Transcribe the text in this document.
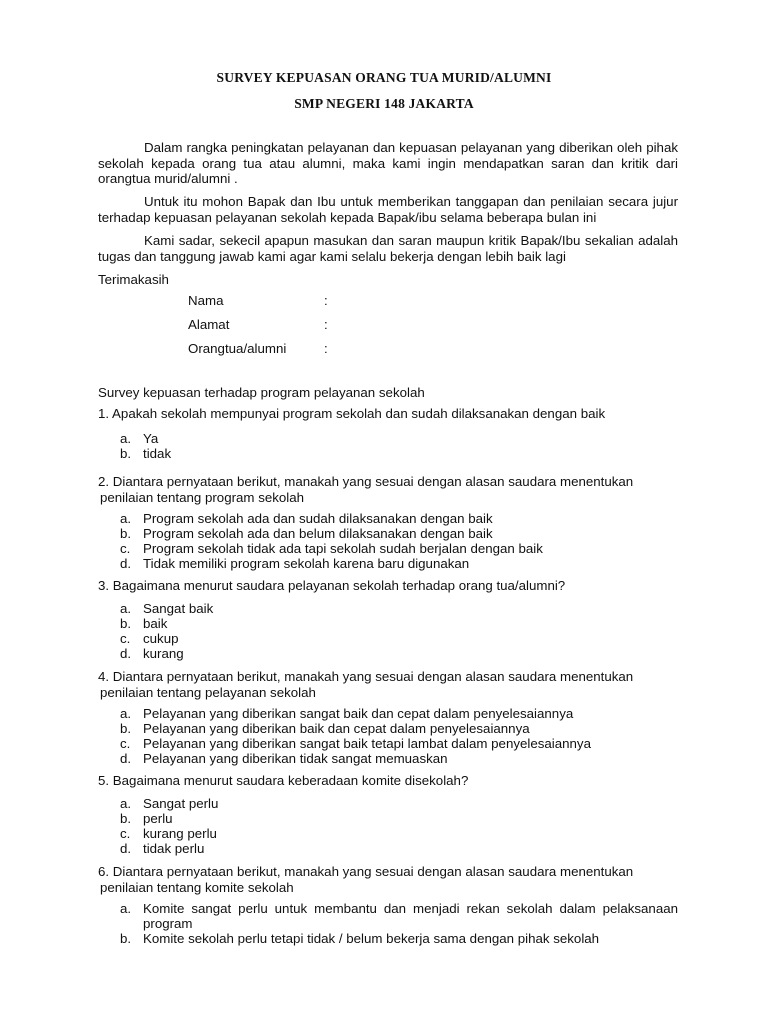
SURVEY KEPUASAN ORANG TUA MURID/ALUMNI

SMP NEGERI 148 JAKARTA

Dalam rangka peningkatan pelayanan dan kepuasan pelayanan yang diberikan oleh pihak sekolah kepada orang tua atau alumni, maka kami ingin mendapatkan saran dan kritik dari orangtua murid/alumni .

Untuk itu mohon Bapak dan Ibu untuk memberikan tanggapan dan penilaian secara jujur terhadap kepuasan pelayanan sekolah kepada Bapak/ibu selama beberapa bulan ini

Kami sadar, sekecil apapun masukan dan saran maupun kritik Bapak/Ibu sekalian adalah tugas dan tanggung jawab kami agar kami selalu bekerja dengan lebih baik lagi

Terimakasih

Nama	:
Alamat	:
Orangtua/alumni	:

Survey kepuasan terhadap program pelayanan sekolah

1. Apakah sekolah mempunyai program sekolah dan sudah dilaksanakan dengan baik
a. Ya
b. tidak
2. Diantara pernyataan berikut, manakah yang sesuai dengan alasan saudara menentukan
penilaian tentang program sekolah
a. Program sekolah ada dan sudah dilaksanakan dengan baik
b. Program sekolah ada dan belum dilaksanakan dengan baik
c. Program sekolah tidak ada tapi sekolah sudah berjalan dengan baik
d. Tidak memiliki program sekolah karena baru digunakan
3. Bagaimana menurut saudara pelayanan sekolah terhadap orang tua/alumni?
a. Sangat baik
b. baik
c. cukup
d. kurang
4. Diantara pernyataan berikut, manakah yang sesuai dengan alasan saudara menentukan
penilaian tentang pelayanan sekolah
a. Pelayanan yang diberikan sangat baik dan cepat dalam penyelesaiannya
b. Pelayanan yang diberikan baik dan cepat dalam penyelesaiannya
c. Pelayanan yang diberikan sangat baik tetapi lambat dalam penyelesaiannya
d. Pelayanan yang diberikan tidak sangat memuaskan
5. Bagaimana menurut saudara keberadaan komite disekolah?
a. Sangat perlu
b. perlu
c. kurang perlu
d. tidak perlu
6. Diantara pernyataan berikut, manakah yang sesuai dengan alasan saudara menentukan
penilaian tentang komite sekolah
a. Komite sangat perlu untuk membantu dan menjadi rekan sekolah dalam pelaksanaan program
b. Komite sekolah perlu tetapi tidak / belum bekerja sama dengan pihak sekolah
